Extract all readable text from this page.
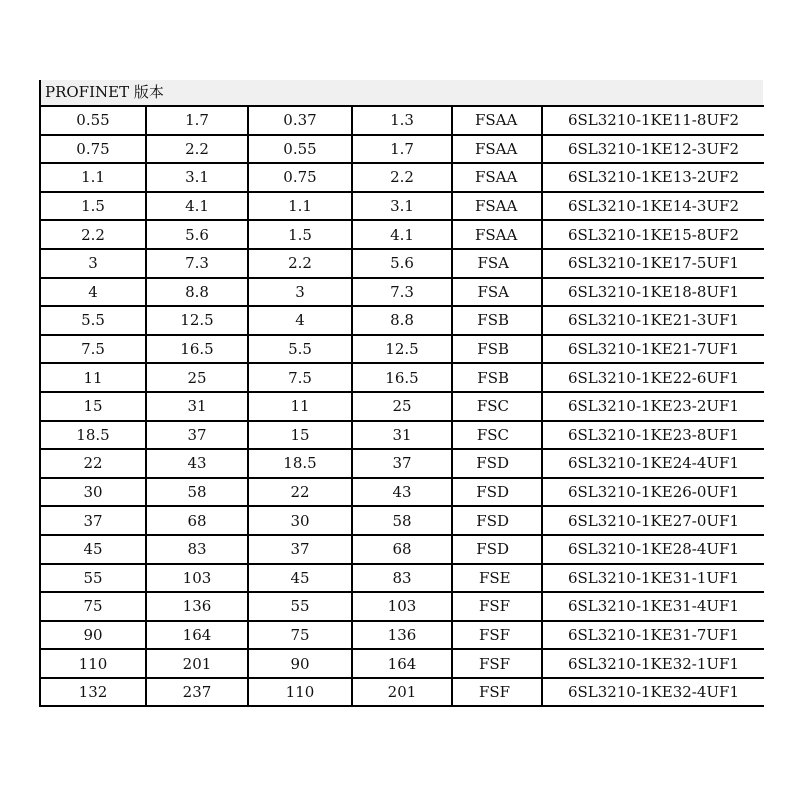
PROFINET 版本
0.55	1.7	0.37	1.3	FSAA	6SL3210-1KE11-8UF2
0.75	2.2	0.55	1.7	FSAA	6SL3210-1KE12-3UF2
1.1	3.1	0.75	2.2	FSAA	6SL3210-1KE13-2UF2
1.5	4.1	1.1	3.1	FSAA	6SL3210-1KE14-3UF2
2.2	5.6	1.5	4.1	FSAA	6SL3210-1KE15-8UF2
3	7.3	2.2	5.6	FSA	6SL3210-1KE17-5UF1
4	8.8	3	7.3	FSA	6SL3210-1KE18-8UF1
5.5	12.5	4	8.8	FSB	6SL3210-1KE21-3UF1
7.5	16.5	5.5	12.5	FSB	6SL3210-1KE21-7UF1
11	25	7.5	16.5	FSB	6SL3210-1KE22-6UF1
15	31	11	25	FSC	6SL3210-1KE23-2UF1
18.5	37	15	31	FSC	6SL3210-1KE23-8UF1
22	43	18.5	37	FSD	6SL3210-1KE24-4UF1
30	58	22	43	FSD	6SL3210-1KE26-0UF1
37	68	30	58	FSD	6SL3210-1KE27-0UF1
45	83	37	68	FSD	6SL3210-1KE28-4UF1
55	103	45	83	FSE	6SL3210-1KE31-1UF1
75	136	55	103	FSF	6SL3210-1KE31-4UF1
90	164	75	136	FSF	6SL3210-1KE31-7UF1
110	201	90	164	FSF	6SL3210-1KE32-1UF1
132	237	110	201	FSF	6SL3210-1KE32-4UF1
